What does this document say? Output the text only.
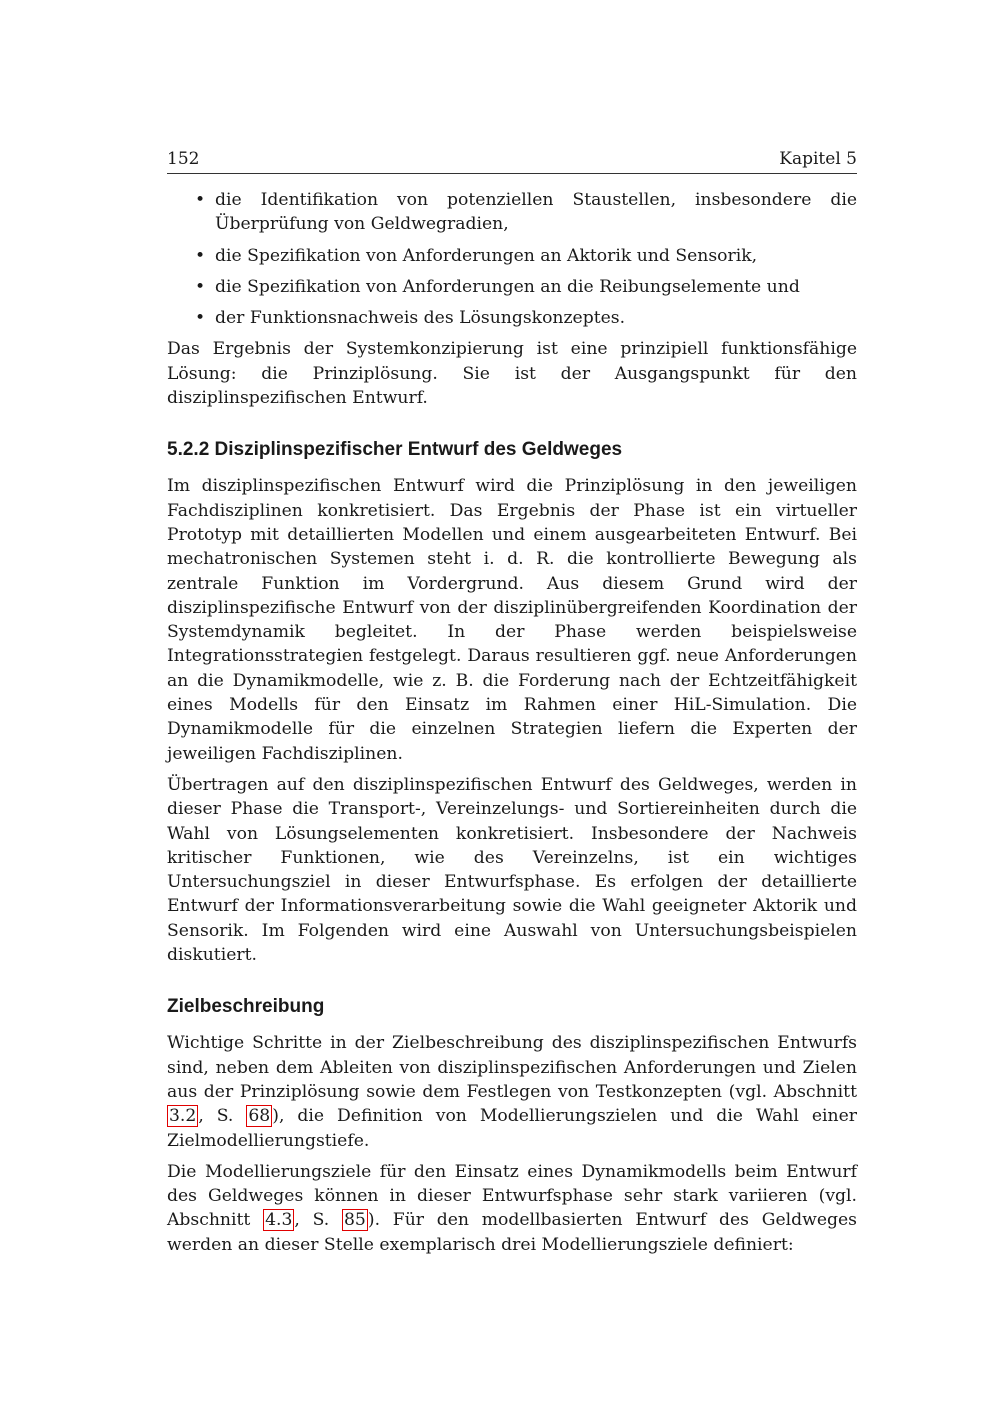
152	Kapitel 5
• die Identifikation von potenziellen Staustellen, insbesondere die Überprüfung von Geldwegradien,
• die Spezifikation von Anforderungen an Aktorik und Sensorik,
• die Spezifikation von Anforderungen an die Reibungselemente und
• der Funktionsnachweis des Lösungskonzeptes.

Das Ergebnis der Systemkonzipierung ist eine prinzipiell funktionsfähige Lösung: die Prinziplösung. Sie ist der Ausgangspunkt für den disziplinspezifischen Entwurf.

5.2.2 Disziplinspezifischer Entwurf des Geldweges

Im disziplinspezifischen Entwurf wird die Prinziplösung in den jeweiligen Fachdisziplinen konkretisiert. Das Ergebnis der Phase ist ein virtueller Prototyp mit detaillierten Modellen und einem ausgearbeiteten Entwurf. Bei mechatronischen Systemen steht i. d. R. die kontrollierte Bewegung als zentrale Funktion im Vordergrund. Aus diesem Grund wird der disziplinspezifische Entwurf von der disziplinübergreifenden Koordination der Systemdynamik begleitet. In der Phase werden beispielsweise Integrationsstrategien festgelegt. Daraus resultieren ggf. neue Anforderungen an die Dynamikmodelle, wie z. B. die Forderung nach der Echtzeitfähigkeit eines Modells für den Einsatz im Rahmen einer HiL-Simulation. Die Dynamikmodelle für die einzelnen Strategien liefern die Experten der jeweiligen Fachdisziplinen.

Übertragen auf den disziplinspezifischen Entwurf des Geldweges, werden in dieser Phase die Transport-, Vereinzelungs- und Sortiereinheiten durch die Wahl von Lösungselementen konkretisiert. Insbesondere der Nachweis kritischer Funktionen, wie des Vereinzelns, ist ein wichtiges Untersuchungsziel in dieser Entwurfsphase. Es erfolgen der detaillierte Entwurf der Informationsverarbeitung sowie die Wahl geeigneter Aktorik und Sensorik. Im Folgenden wird eine Auswahl von Untersuchungsbeispielen diskutiert.

Zielbeschreibung

Wichtige Schritte in der Zielbeschreibung des disziplinspezifischen Entwurfs sind, neben dem Ableiten von disziplinspezifischen Anforderungen und Zielen aus der Prinziplösung sowie dem Festlegen von Testkonzepten (vgl. Abschnitt 3.2 , S. 68 ), die Definition von Modellierungszielen und die Wahl einer Zielmodellierungstiefe.

Die Modellierungsziele für den Einsatz eines Dynamikmodells beim Entwurf des Geldweges können in dieser Entwurfsphase sehr stark variieren (vgl. Abschnitt 4.3 , S. 85 ). Für den modellbasierten Entwurf des Geldweges werden an dieser Stelle exemplarisch drei Modellierungsziele definiert:
